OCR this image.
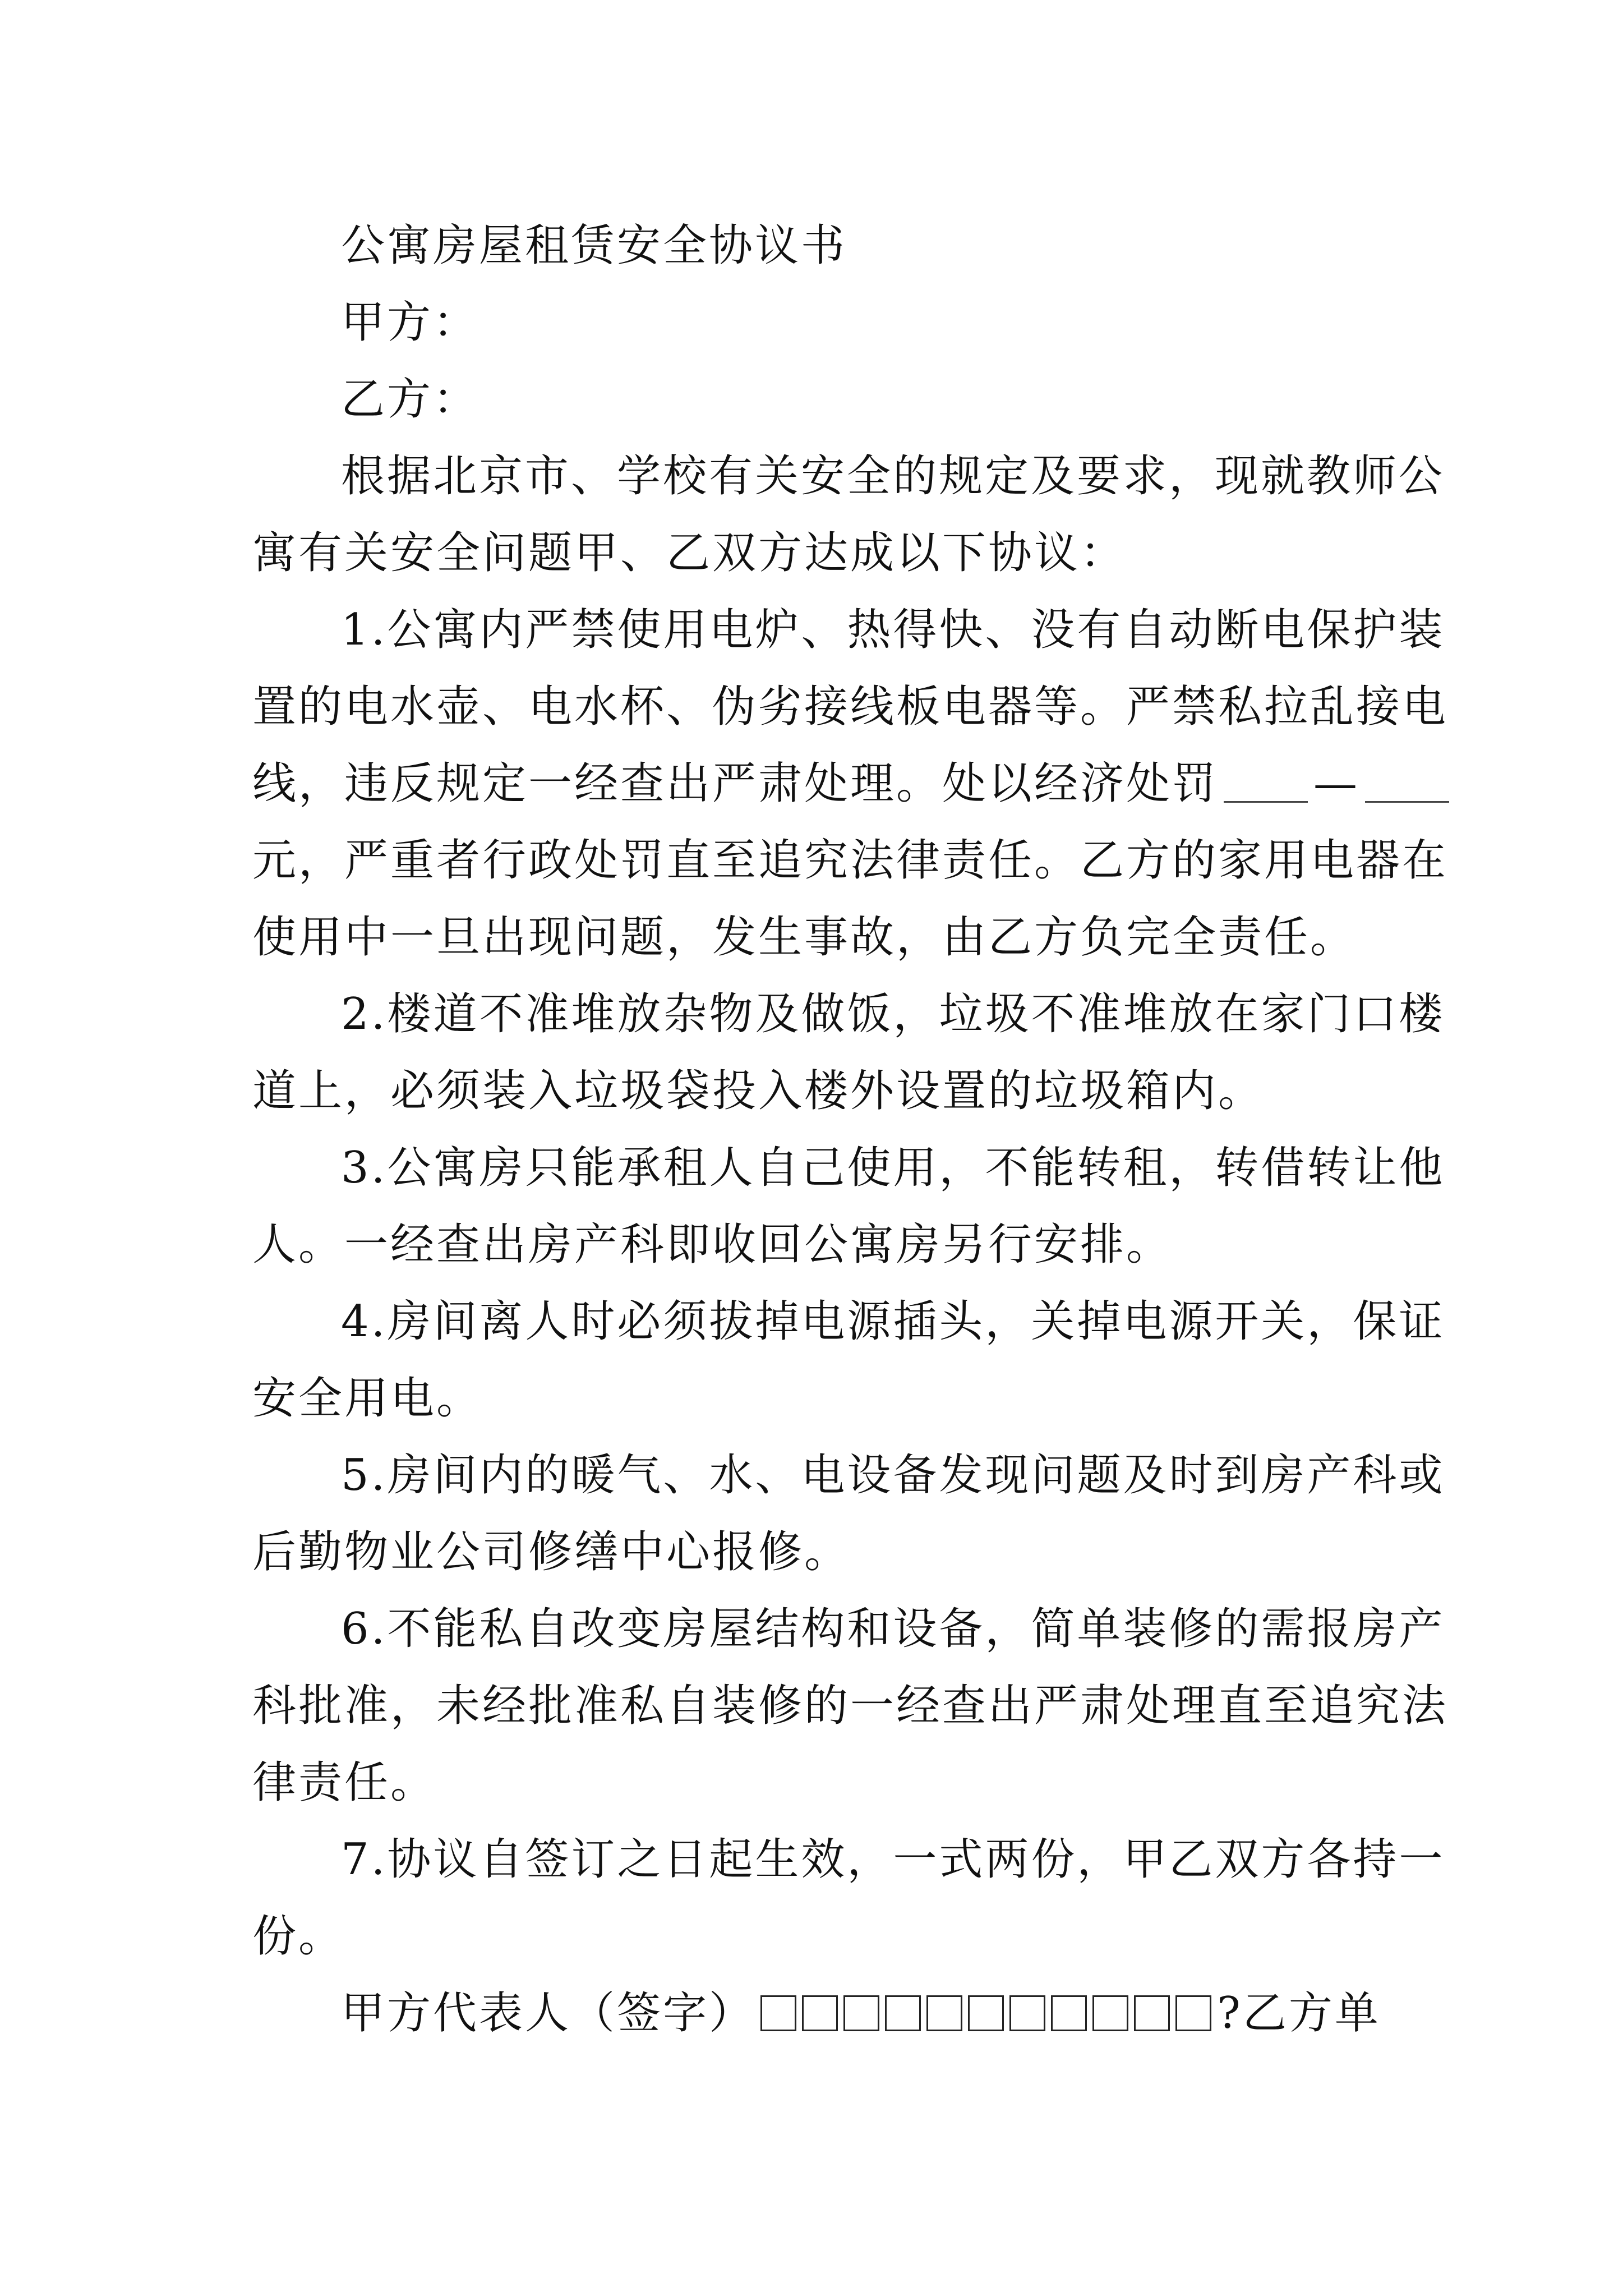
公寓房屋租赁安全协议书

甲方：

乙方：

根据北京市、学校有关安全的规定及要求，现就教师公

寓有关安全问题甲、乙双方达成以下协议：

1.公寓内严禁使用电炉、热得快、没有自动断电保护装

置的电水壶、电水杯、伪劣接线板电器等。严禁私拉乱接电

线，违反规定一经查出严肃处理。处以经济处罚 —

元，严重者行政处罚直至追究法律责任。乙方的家用电器在

使用中一旦出现问题，发生事故，由乙方负完全责任。

2.楼道不准堆放杂物及做饭，垃圾不准堆放在家门口楼

道上，必须装入垃圾袋投入楼外设置的垃圾箱内。

3.公寓房只能承租人自己使用，不能转租，转借转让他

人。一经查出房产科即收回公寓房另行安排。

4.房间离人时必须拔掉电源插头，关掉电源开关，保证

安全用电。

5.房间内的暖气、水、电设备发现问题及时到房产科或

后勤物业公司修缮中心报修。

6.不能私自改变房屋结构和设备，简单装修的需报房产

科批准，未经批准私自装修的一经查出严肃处理直至追究法

律责任。

7.协议自签订之日起生效，一式两份，甲乙双方各持一

份。

甲方代表人（签字）	?乙方单
